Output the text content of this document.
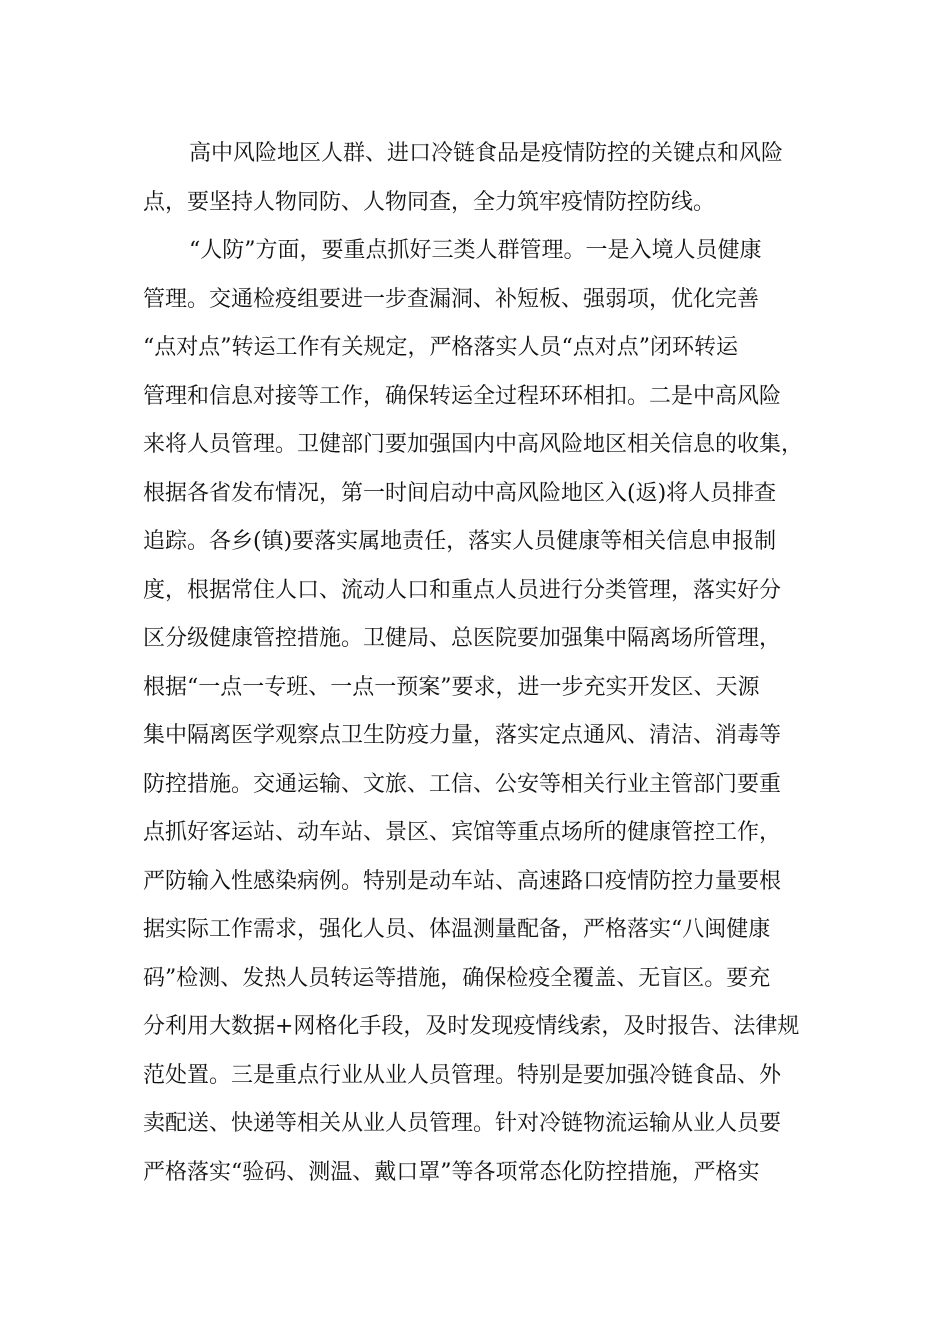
高中风险地区人群、进口冷链食品是疫情防控的关键点和风险
点，要坚持人物同防、人物同查，全力筑牢疫情防控防线。
“人防”方面，要重点抓好三类人群管理。一是入境人员健康
管理。交通检疫组要进一步查漏洞、补短板、强弱项，优化完善
“点对点”转运工作有关规定，严格落实人员“点对点”闭环转运
管理和信息对接等工作，确保转运全过程环环相扣。二是中高风险
来将人员管理。卫健部门要加强国内中高风险地区相关信息的收集，
根据各省发布情况，第一时间启动中高风险地区入(返)将人员排查
追踪。各乡(镇)要落实属地责任，落实人员健康等相关信息申报制
度，根据常住人口、流动人口和重点人员进行分类管理，落实好分
区分级健康管控措施。卫健局、总医院要加强集中隔离场所管理，
根据“一点一专班、一点一预案”要求，进一步充实开发区、天源
集中隔离医学观察点卫生防疫力量，落实定点通风、清洁、消毒等
防控措施。交通运输、文旅、工信、公安等相关行业主管部门要重
点抓好客运站、动车站、景区、宾馆等重点场所的健康管控工作，
严防输入性感染病例。特别是动车站、高速路口疫情防控力量要根
据实际工作需求，强化人员、体温测量配备，严格落实“八闽健康
码”检测、发热人员转运等措施，确保检疫全覆盖、无盲区。要充
分利用大数据+网格化手段，及时发现疫情线索，及时报告、法律规
范处置。三是重点行业从业人员管理。特别是要加强冷链食品、外
卖配送、快递等相关从业人员管理。针对冷链物流运输从业人员要
严格落实“验码、测温、戴口罩”等各项常态化防控措施，严格实
